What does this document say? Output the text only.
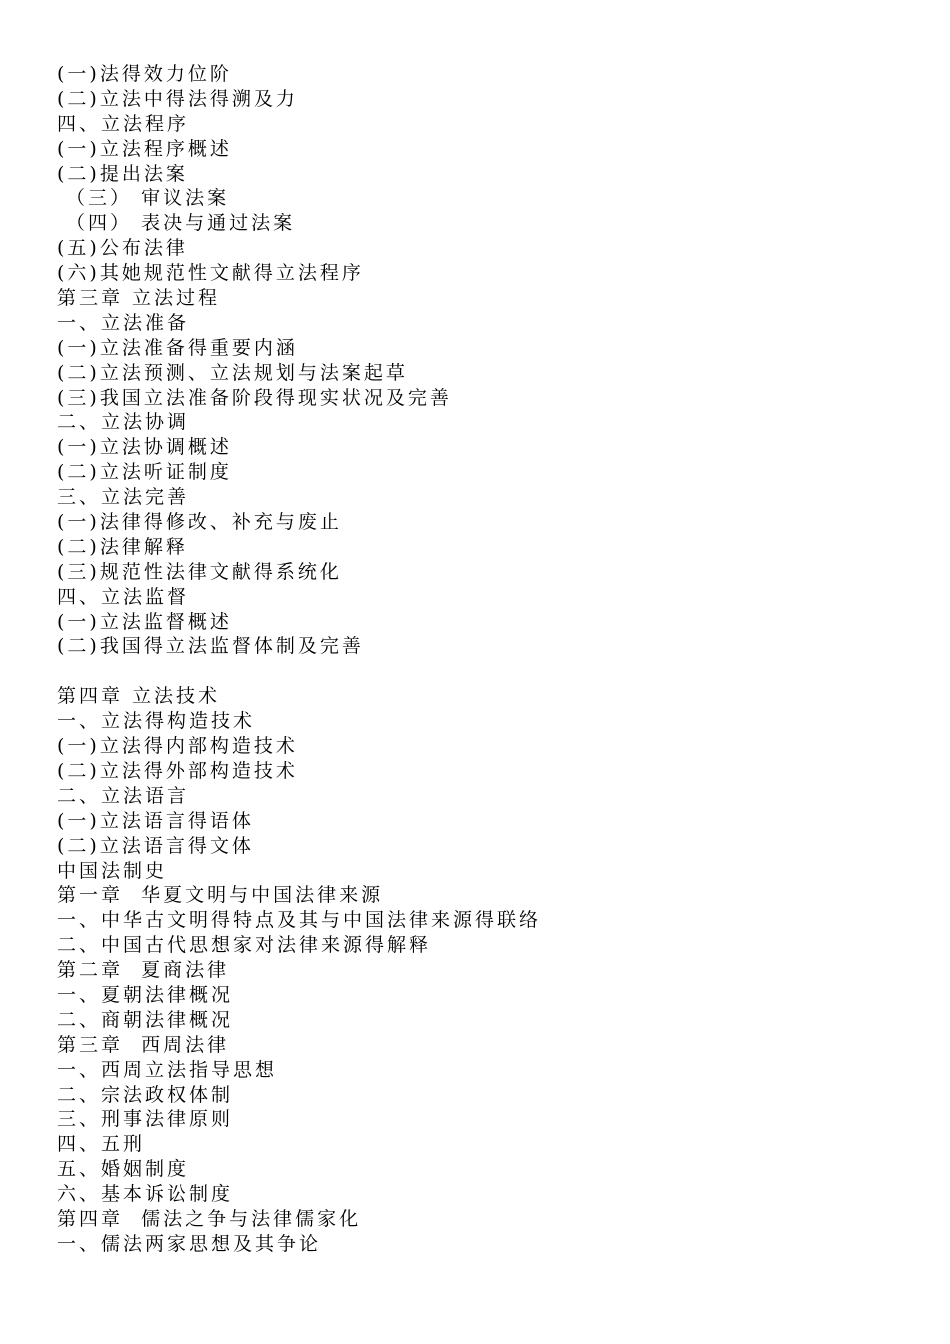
(一)法得效力位阶
(二)立法中得法得溯及力
四、立法程序
(一)立法程序概述
(二)提出法案
（三） 审议法案
（四） 表决与通过法案
(五)公布法律
(六)其她规范性文献得立法程序
第三章 立法过程
一、立法准备
(一)立法准备得重要内涵
(二)立法预测、立法规划与法案起草
(三)我国立法准备阶段得现实状况及完善
二、立法协调
(一)立法协调概述
(二)立法听证制度
三、立法完善
(一)法律得修改、补充与废止
(二)法律解释
(三)规范性法律文献得系统化
四、立法监督
(一)立法监督概述
(二)我国得立法监督体制及完善
第四章 立法技术
一、立法得构造技术
(一)立法得内部构造技术
(二)立法得外部构造技术
二、立法语言
(一)立法语言得语体
(二)立法语言得文体
中国法制史
第一章  华夏文明与中国法律来源
一、中华古文明得特点及其与中国法律来源得联络
二、中国古代思想家对法律来源得解释
第二章  夏商法律
一、夏朝法律概况
二、商朝法律概况
第三章  西周法律
一、西周立法指导思想
二、宗法政权体制
三、刑事法律原则
四、五刑
五、婚姻制度
六、基本诉讼制度
第四章  儒法之争与法律儒家化
一、儒法两家思想及其争论
